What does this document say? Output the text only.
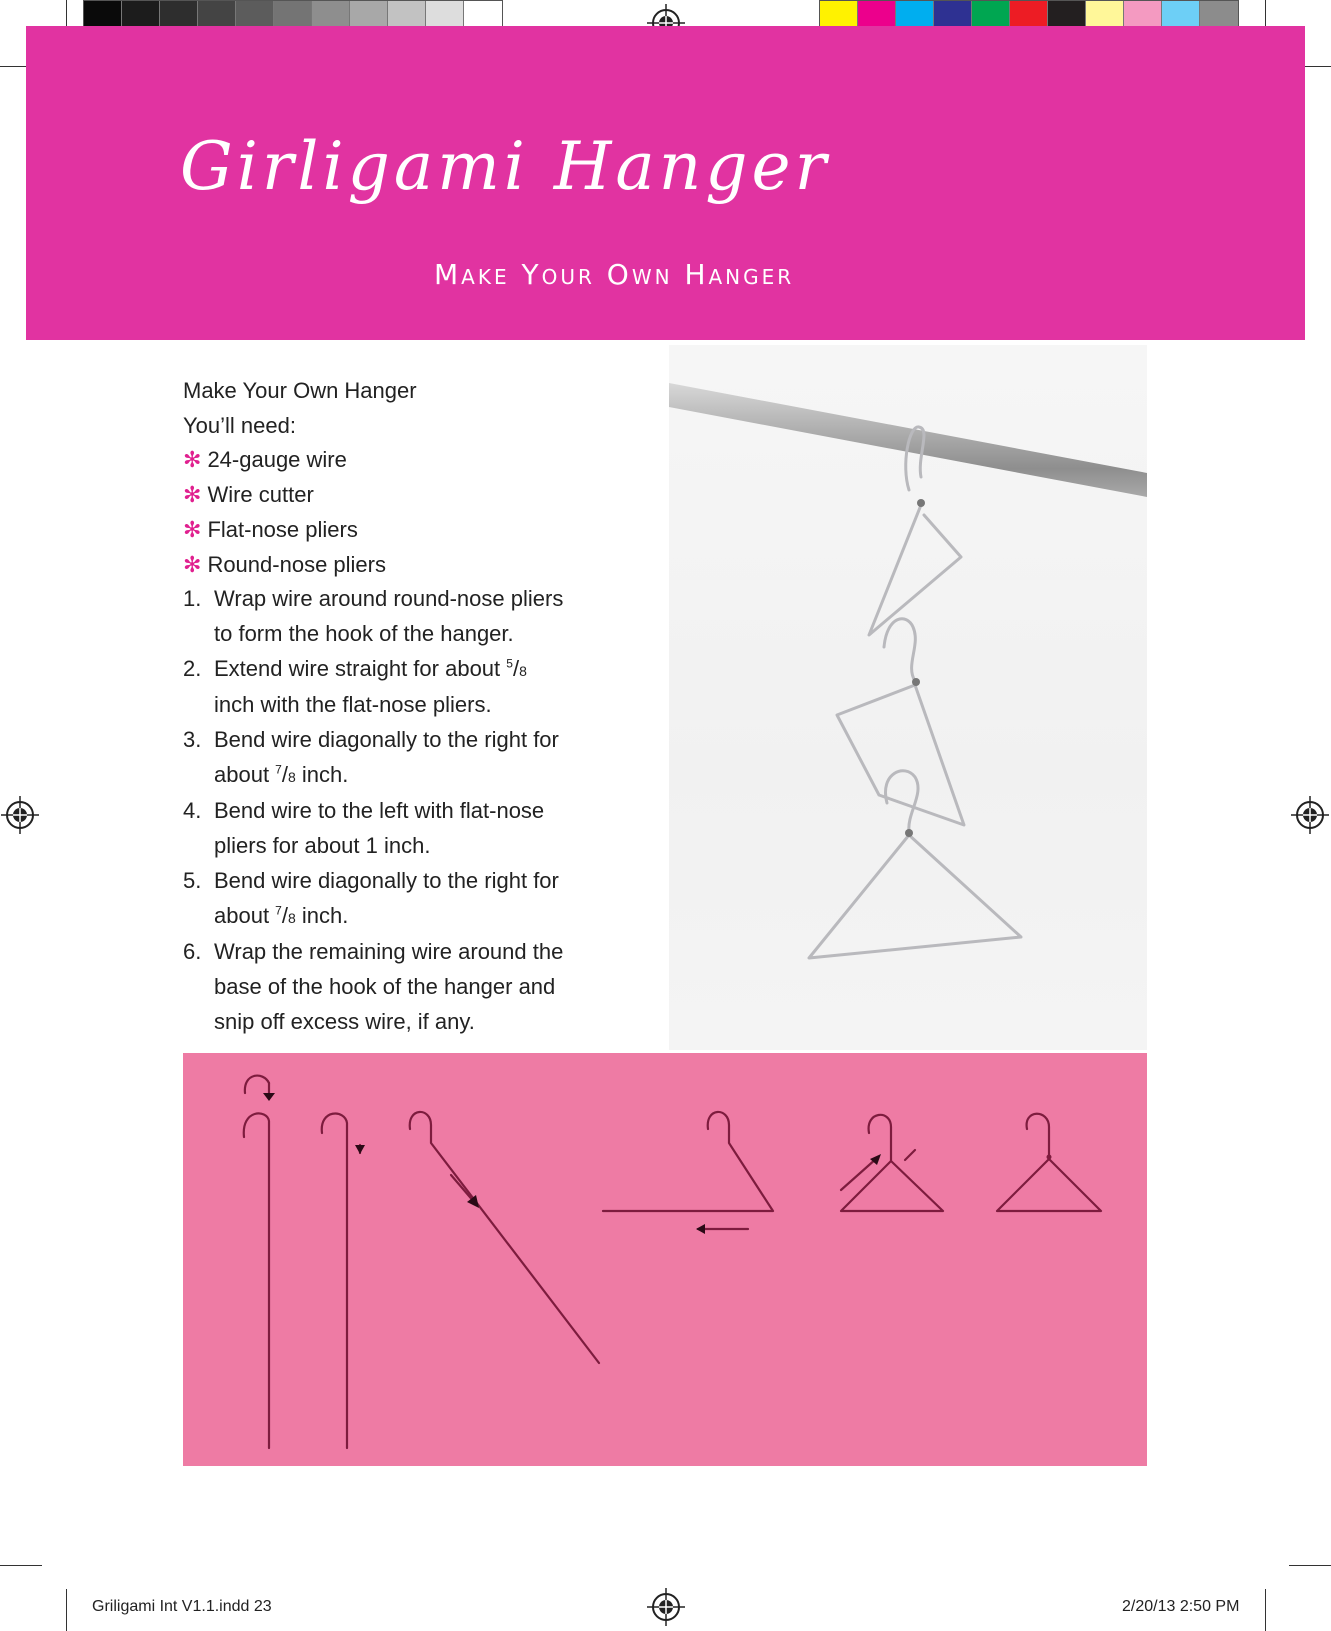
Girligami Hanger
Make Your Own Hanger
Make Your Own Hanger
You’ll need:
✻ 24-gauge wire
✻ Wire cutter
✻ Flat-nose pliers
✻ Round-nose pliers
1. Wrap wire around round-nose pliers
to form the hook of the hanger.
2. Extend wire straight for about $^5$/8
inch with the flat-nose pliers.
3. Bend wire diagonally to the right for
about $^7$/8 inch.
4. Bend wire to the left with flat-nose
pliers for about 1 inch.
5. Bend wire diagonally to the right for
about $^7$/8 inch.
6. Wrap the remaining wire around the
base of the hook of the hanger and
snip off excess wire, if any.
Griligami Int V1.1.indd 23	2/20/13 2:50 PM
